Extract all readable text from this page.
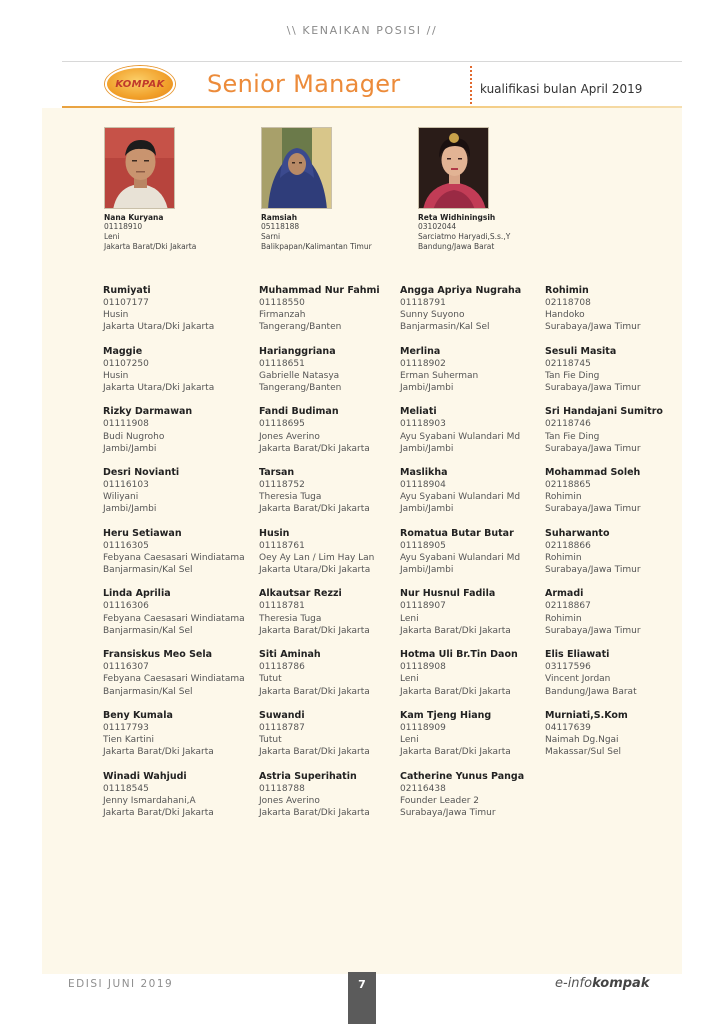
\\ KENAIKAN POSISI //
KOMPAK Senior Manager	kualifikasi bulan April 2019
Nana Kuryana
01118910
Leni
Jakarta Barat/Dki Jakarta
Ramsiah
05118188
Sarni
Balikpapan/Kalimantan Timur
Reta Widhiningsih
03102044
Sarciatmo Haryadi,S.s.,Y
Bandung/Jawa Barat
Rumiyati
01107177
Husin
Jakarta Utara/Dki Jakarta
Maggie
01107250
Husin
Jakarta Utara/Dki Jakarta
Rizky Darmawan
01111908
Budi Nugroho
Jambi/Jambi
Desri Novianti
01116103
Wiliyani
Jambi/Jambi
Heru Setiawan
01116305
Febyana Caesasari Windiatama
Banjarmasin/Kal Sel
Linda Aprilia
01116306
Febyana Caesasari Windiatama
Banjarmasin/Kal Sel
Fransiskus Meo Sela
01116307
Febyana Caesasari Windiatama
Banjarmasin/Kal Sel
Beny Kumala
01117793
Tien Kartini
Jakarta Barat/Dki Jakarta
Winadi Wahjudi
01118545
Jenny Ismardahani,A
Jakarta Barat/Dki Jakarta
Muhammad Nur Fahmi
01118550
Firmanzah
Tangerang/Banten
Harianggriana
01118651
Gabrielle Natasya
Tangerang/Banten
Fandi Budiman
01118695
Jones Averino
Jakarta Barat/Dki Jakarta
Tarsan
01118752
Theresia Tuga
Jakarta Barat/Dki Jakarta
Husin
01118761
Oey Ay Lan / Lim Hay Lan
Jakarta Utara/Dki Jakarta
Alkautsar Rezzi
01118781
Theresia Tuga
Jakarta Barat/Dki Jakarta
Siti Aminah
01118786
Tutut
Jakarta Barat/Dki Jakarta
Suwandi
01118787
Tutut
Jakarta Barat/Dki Jakarta
Astria Superihatin
01118788
Jones Averino
Jakarta Barat/Dki Jakarta
Angga Apriya Nugraha
01118791
Sunny Suyono
Banjarmasin/Kal Sel
Merlina
01118902
Erman Suherman
Jambi/Jambi
Meliati
01118903
Ayu Syabani Wulandari Md
Jambi/Jambi
Maslikha
01118904
Ayu Syabani Wulandari Md
Jambi/Jambi
Romatua Butar Butar
01118905
Ayu Syabani Wulandari Md
Jambi/Jambi
Nur Husnul Fadila
01118907
Leni
Jakarta Barat/Dki Jakarta
Hotma Uli Br.Tin Daon
01118908
Leni
Jakarta Barat/Dki Jakarta
Kam Tjeng Hiang
01118909
Leni
Jakarta Barat/Dki Jakarta
Catherine Yunus Panga
02116438
Founder Leader 2
Surabaya/Jawa Timur
Rohimin
02118708
Handoko
Surabaya/Jawa Timur
Sesuli Masita
02118745
Tan Fie Ding
Surabaya/Jawa Timur
Sri Handajani Sumitro
02118746
Tan Fie Ding
Surabaya/Jawa Timur
Mohammad Soleh
02118865
Rohimin
Surabaya/Jawa Timur
Suharwanto
02118866
Rohimin
Surabaya/Jawa Timur
Armadi
02118867
Rohimin
Surabaya/Jawa Timur
Elis Eliawati
03117596
Vincent Jordan
Bandung/Jawa Barat
Murniati,S.Kom
04117639
Naimah Dg.Ngai
Makassar/Sul Sel
EDISI JUNI 2019	7	e-infokompak
